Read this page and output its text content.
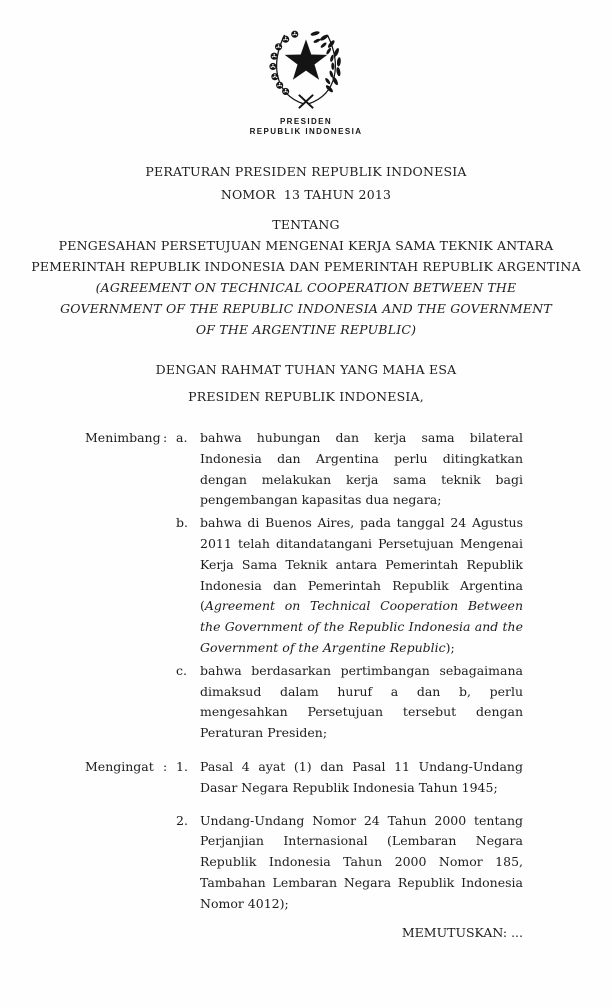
PRESIDEN
REPUBLIK INDONESIA
PERATURAN PRESIDEN REPUBLIK INDONESIA
NOMOR  13 TAHUN 2013
TENTANG
PENGESAHAN PERSETUJUAN MENGENAI KERJA SAMA TEKNIK ANTARA
PEMERINTAH REPUBLIK INDONESIA DAN PEMERINTAH REPUBLIK ARGENTINA
(AGREEMENT ON TECHNICAL COOPERATION BETWEEN THE
GOVERNMENT OF THE REPUBLIC INDONESIA AND THE GOVERNMENT
OF THE ARGENTINE REPUBLIC)
DENGAN RAHMAT TUHAN YANG MAHA ESA
PRESIDEN REPUBLIK INDONESIA,
Menimbang : a.	bahwa hubungan dan kerja sama bilateral Indonesia dan Argentina perlu ditingkatkan dengan melakukan kerja sama teknik bagi pengembangan kapasitas dua negara;
b. bahwa di Buenos Aires, pada tanggal 24 Agustus 2011 telah ditandatangani Persetujuan Mengenai Kerja Sama Teknik antara Pemerintah Republik Indonesia dan Pemerintah Republik Argentina (Agreement on Technical Cooperation Between the Government of the Republic Indonesia and the Government of the Argentine Republic);
c.	bahwa berdasarkan pertimbangan sebagaimana dimaksud dalam huruf a dan b, perlu mengesahkan Persetujuan tersebut dengan Peraturan Presiden;
Mengingat : 1. Pasal 4 ayat (1) dan Pasal 11 Undang-Undang Dasar Negara Republik Indonesia Tahun 1945;
2. Undang-Undang Nomor 24 Tahun 2000 tentang Perjanjian Internasional (Lembaran Negara Republik Indonesia Tahun 2000 Nomor 185, Tambahan Lembaran Negara Republik Indonesia Nomor 4012);
MEMUTUSKAN: ...
